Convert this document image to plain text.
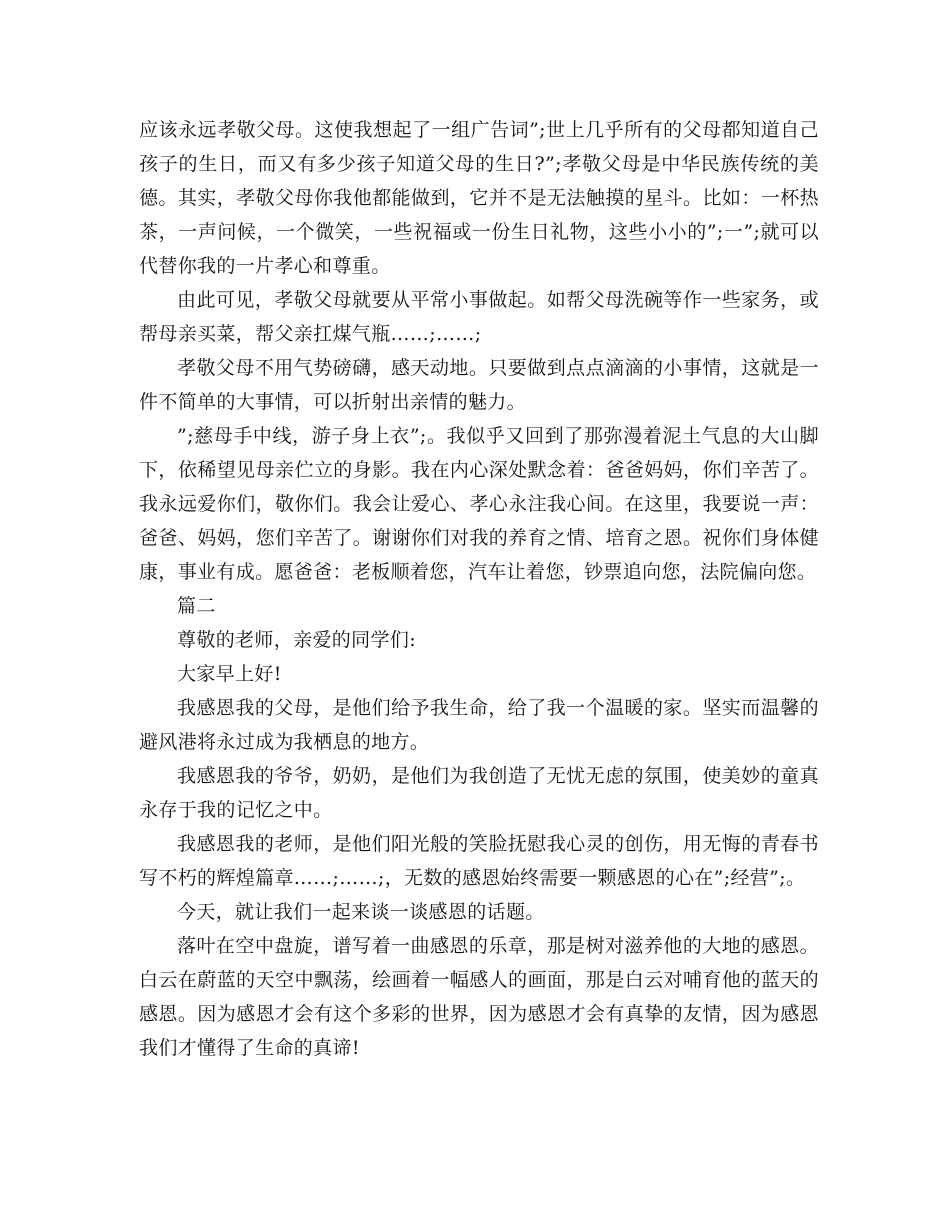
应该永远孝敬父母。这使我想起了一组广告词”;世上几乎所有的父母都知道自己孩子的生日，而又有多少孩子知道父母的生日?”;孝敬父母是中华民族传统的美德。其实，孝敬父母你我他都能做到，它并不是无法触摸的星斗。比如：一杯热茶，一声问候，一个微笑，一些祝福或一份生日礼物，这些小小的”;一”;就可以代替你我的一片孝心和尊重。

由此可见，孝敬父母就要从平常小事做起。如帮父母洗碗等作一些家务，或帮母亲买菜，帮父亲扛煤气瓶……;……;

孝敬父母不用气势磅礴，感天动地。只要做到点点滴滴的小事情，这就是一件不简单的大事情，可以折射出亲情的魅力。

”;慈母手中线，游子身上衣”;。我似乎又回到了那弥漫着泥土气息的大山脚下，依稀望见母亲伫立的身影。我在内心深处默念着：爸爸妈妈，你们辛苦了。我永远爱你们，敬你们。我会让爱心、孝心永注我心间。在这里，我要说一声：爸爸、妈妈，您们辛苦了。谢谢你们对我的养育之情、培育之恩。祝你们身体健康，事业有成。愿爸爸：老板顺着您，汽车让着您，钞票追向您，法院偏向您。

篇二

尊敬的老师，亲爱的同学们:

大家早上好!

我感恩我的父母，是他们给予我生命，给了我一个温暖的家。坚实而温馨的避风港将永过成为我栖息的地方。

我感恩我的爷爷，奶奶，是他们为我创造了无忧无虑的氛围，使美妙的童真永存于我的记忆之中。

我感恩我的老师，是他们阳光般的笑脸抚慰我心灵的创伤，用无悔的青春书写不朽的辉煌篇章……;……;，无数的感恩始终需要一颗感恩的心在”;经营”;。

今天，就让我们一起来谈一谈感恩的话题。

落叶在空中盘旋，谱写着一曲感恩的乐章，那是树对滋养他的大地的感恩。白云在蔚蓝的天空中飘荡，绘画着一幅感人的画面，那是白云对哺育他的蓝天的感恩。因为感恩才会有这个多彩的世界，因为感恩才会有真挚的友情，因为感恩我们才懂得了生命的真谛!
